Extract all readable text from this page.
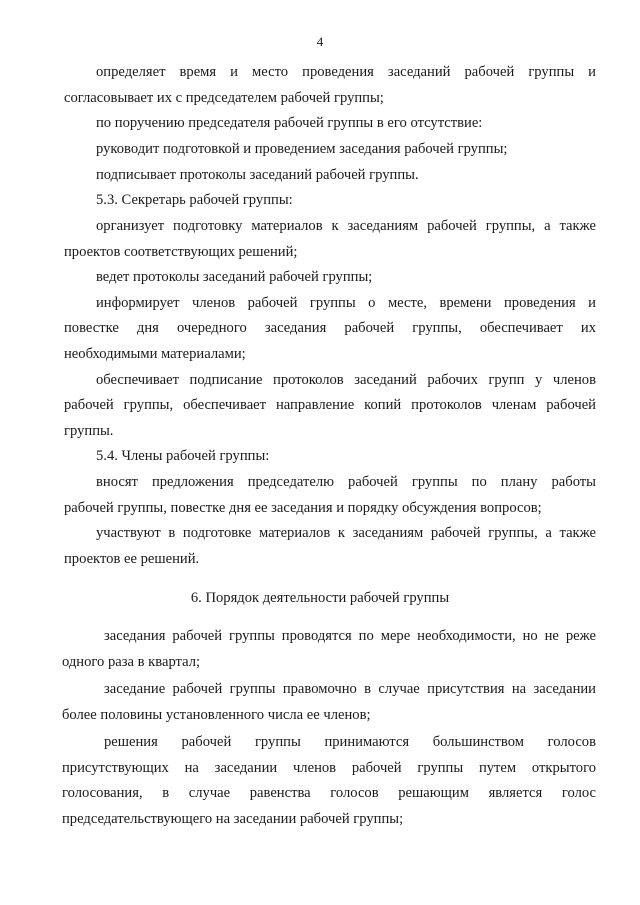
4
определяет время и место проведения заседаний рабочей группы и
согласовывает их с председателем рабочей группы;
по поручению председателя рабочей группы в его отсутствие:
руководит подготовкой и проведением заседания рабочей группы;
подписывает протоколы заседаний рабочей группы.
5.3. Секретарь рабочей группы:
организует подготовку материалов к заседаниям рабочей группы, а также
проектов соответствующих решений;
ведет протоколы заседаний рабочей группы;
информирует членов рабочей группы о месте, времени проведения и
повестке дня очередного заседания рабочей группы, обеспечивает их
необходимыми материалами;
обеспечивает подписание протоколов заседаний рабочих групп у членов
рабочей группы, обеспечивает направление копий протоколов членам рабочей
группы.
5.4. Члены рабочей группы:
вносят предложения председателю рабочей группы по плану работы
рабочей группы, повестке дня ее заседания и порядку обсуждения вопросов;
участвуют в подготовке материалов к заседаниям рабочей группы, а также
проектов ее решений.
6. Порядок деятельности рабочей группы
заседания рабочей группы проводятся по мере необходимости, но не реже
одного раза в квартал;
заседание рабочей группы правомочно в случае присутствия на заседании
более половины установленного числа ее членов;
решения рабочей группы принимаются большинством голосов
присутствующих на заседании членов рабочей группы путем открытого
голосования, в случае равенства голосов решающим является голос
председательствующего на заседании рабочей группы;
